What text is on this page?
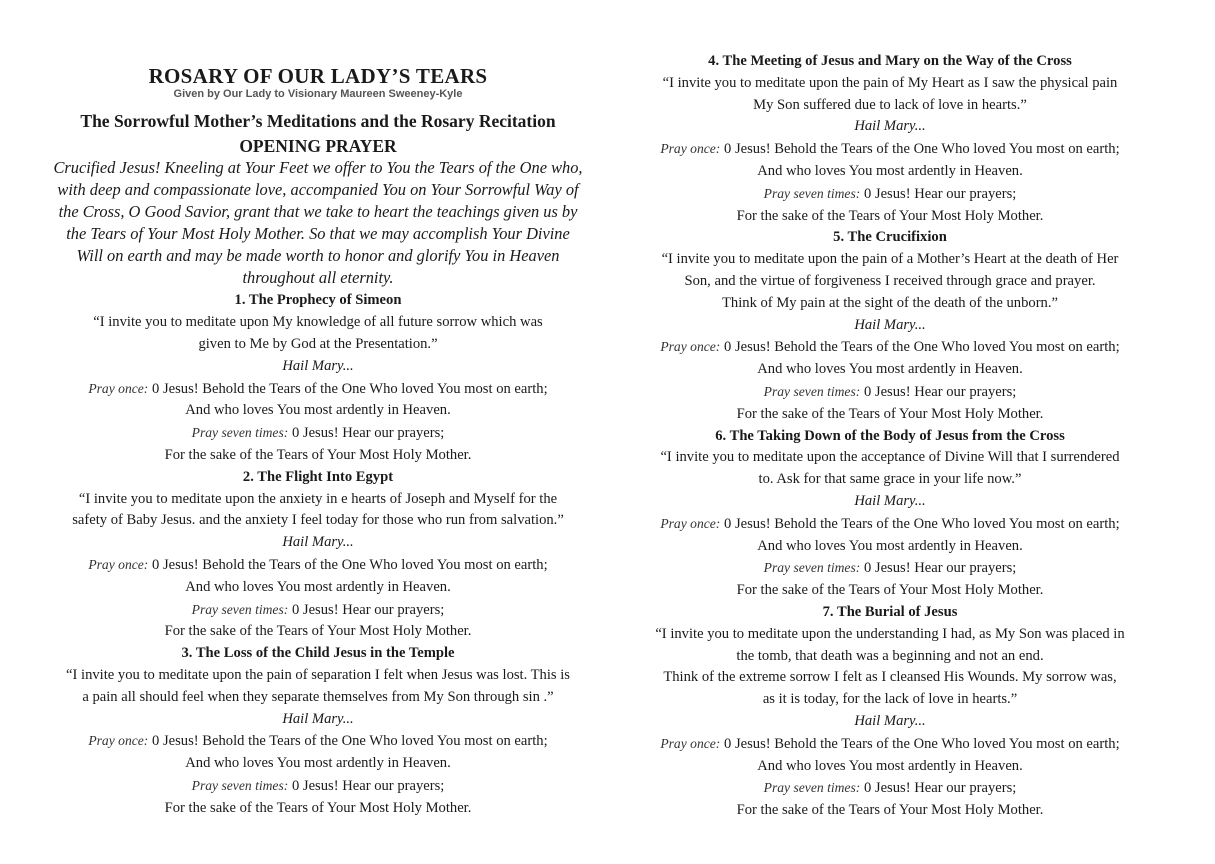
ROSARY OF OUR LADY’S TEARS
Given by Our Lady to Visionary Maureen Sweeney-Kyle
The Sorrowful Mother’s Meditations and the Rosary Recitation
OPENING PRAYER
Crucified Jesus! Kneeling at Your Feet we offer to You the Tears of the One who,
with deep and compassionate love, accompanied You on Your Sorrowful Way of
the Cross, O Good Savior, grant that we take to heart the teachings given us by
the Tears of Your Most Holy Mother. So that we may accomplish Your Divine
Will on earth and may be made worth to honor and glorify You in Heaven
throughout all eternity.
1. The Prophecy of Simeon
“I invite you to meditate upon My knowledge of all future sorrow which was
given to Me by God at the Presentation.”
Hail Mary...
Pray once: 0 Jesus! Behold the Tears of the One Who loved You most on earth;
And who loves You most ardently in Heaven.
Pray seven times: 0 Jesus! Hear our prayers;
For the sake of the Tears of Your Most Holy Mother.
2. The Flight Into Egypt
“I invite you to meditate upon the anxiety in e hearts of Joseph and Myself for the
safety of Baby Jesus. and the anxiety I feel today for those who run from salvation.”
Hail Mary...
Pray once: 0 Jesus! Behold the Tears of the One Who loved You most on earth;
And who loves You most ardently in Heaven.
Pray seven times: 0 Jesus! Hear our prayers;
For the sake of the Tears of Your Most Holy Mother.
3. The Loss of the Child Jesus in the Temple
“I invite you to meditate upon the pain of separation I felt when Jesus was lost. This is
a pain all should feel when they separate themselves from My Son through sin .”
Hail Mary...
Pray once: 0 Jesus! Behold the Tears of the One Who loved You most on earth;
And who loves You most ardently in Heaven.
Pray seven times: 0 Jesus! Hear our prayers;
For the sake of the Tears of Your Most Holy Mother.
4. The Meeting of Jesus and Mary on the Way of the Cross
“I invite you to meditate upon the pain of My Heart as I saw the physical pain
My Son suffered due to lack of love in hearts.”
Hail Mary...
Pray once: 0 Jesus! Behold the Tears of the One Who loved You most on earth;
And who loves You most ardently in Heaven.
Pray seven times: 0 Jesus! Hear our prayers;
For the sake of the Tears of Your Most Holy Mother.
5. The Crucifixion
“I invite you to meditate upon the pain of a Mother’s Heart at the death of Her
Son, and the virtue of forgiveness I received through grace and prayer.
Think of My pain at the sight of the death of the unborn.”
Hail Mary...
Pray once: 0 Jesus! Behold the Tears of the One Who loved You most on earth;
And who loves You most ardently in Heaven.
Pray seven times: 0 Jesus! Hear our prayers;
For the sake of the Tears of Your Most Holy Mother.
6. The Taking Down of the Body of Jesus from the Cross
“I invite you to meditate upon the acceptance of Divine Will that I surrendered
to. Ask for that same grace in your life now.”
Hail Mary...
Pray once: 0 Jesus! Behold the Tears of the One Who loved You most on earth;
And who loves You most ardently in Heaven.
Pray seven times: 0 Jesus! Hear our prayers;
For the sake of the Tears of Your Most Holy Mother.
7. The Burial of Jesus
“I invite you to meditate upon the understanding I had, as My Son was placed in
the tomb, that death was a beginning and not an end.
Think of the extreme sorrow I felt as I cleansed His Wounds. My sorrow was,
as it is today, for the lack of love in hearts.”
Hail Mary...
Pray once: 0 Jesus! Behold the Tears of the One Who loved You most on earth;
And who loves You most ardently in Heaven.
Pray seven times: 0 Jesus! Hear our prayers;
For the sake of the Tears of Your Most Holy Mother.
